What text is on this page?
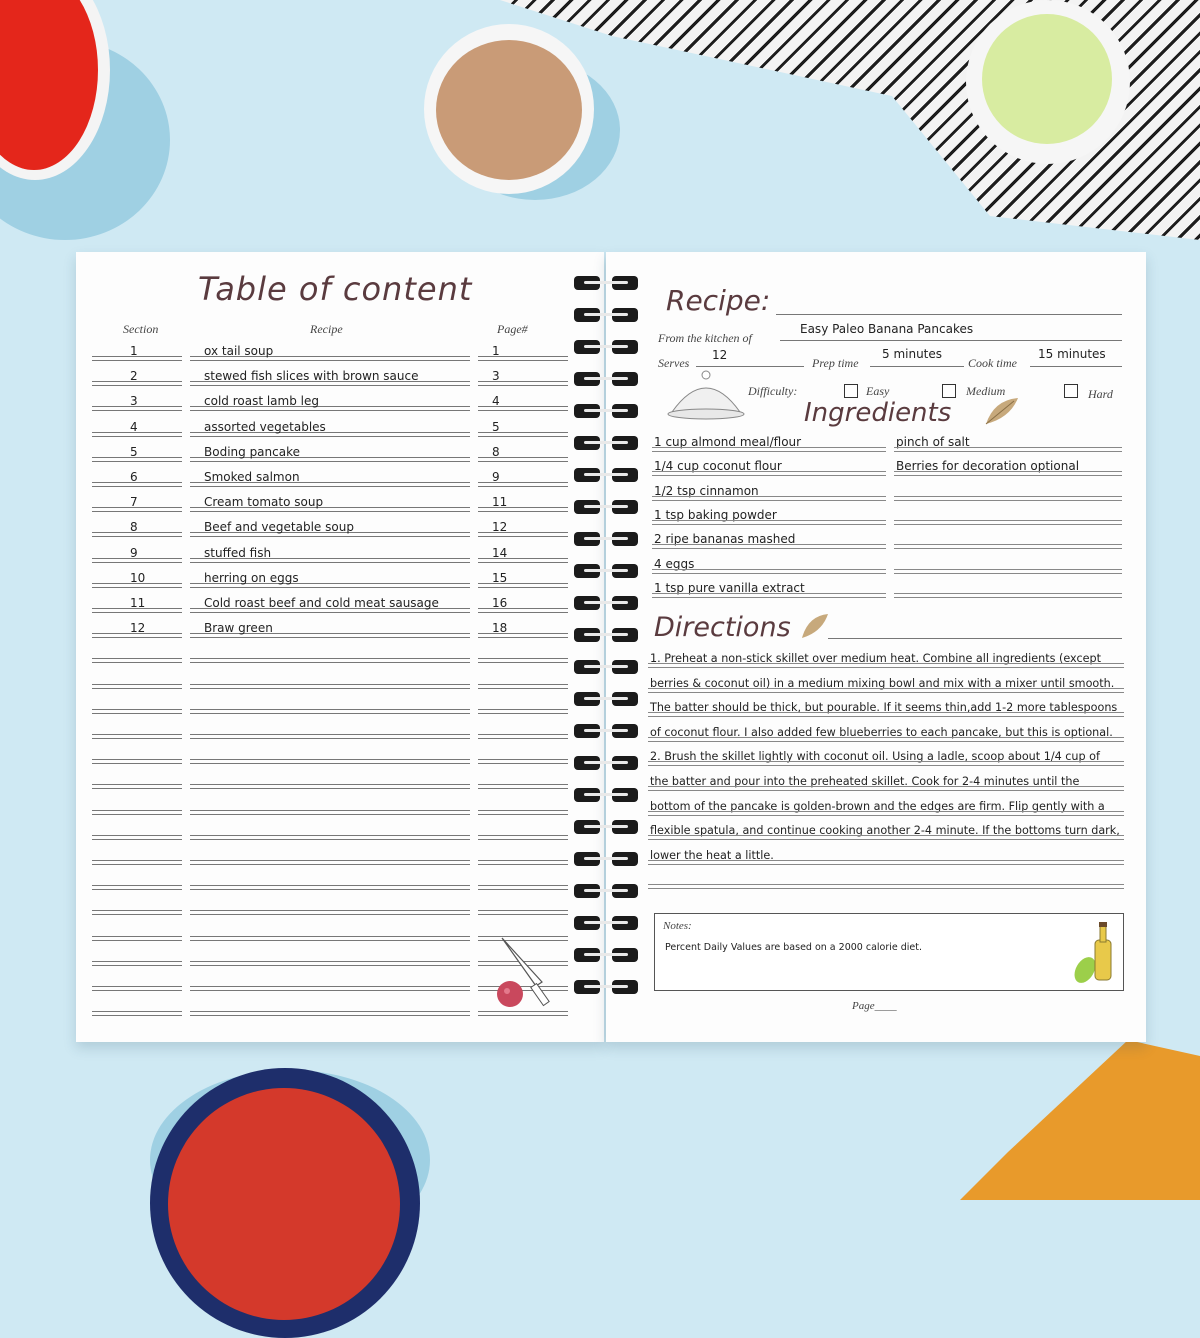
Table of content
Section	Recipe	Page#
1	ox tail soup	1
2	stewed fish slices with brown sauce	3
3	cold roast lamb leg	4
4	assorted vegetables	5
5	Boding pancake	8
6	Smoked salmon	9
7	Cream tomato soup	11
8	Beef and vegetable soup	12
9	stuffed fish	14
10	herring on eggs	15
11	Cold roast beef and cold meat sausage	16
12	Braw green	18
Recipe:
From the kitchen of
Easy Paleo Banana Pancakes
Serves
12
Prep time
5 minutes
Cook time
15 minutes
Difficulty:	Easy	Medium	Hard
Ingredients
1 cup almond meal/flour	pinch of salt
1/4 cup coconut flour	Berries for decoration optional
1/2 tsp cinnamon
1 tsp baking powder
2 ripe bananas mashed
4 eggs
1 tsp pure vanilla extract
Directions
1. Preheat a non-stick skillet over medium heat. Combine all ingredients (except
berries & coconut oil) in a medium mixing bowl and mix with a mixer until smooth.
The batter should be thick, but pourable. If it seems thin,add 1-2 more tablespoons
of coconut flour. I also added few blueberries to each pancake, but this is optional.
2. Brush the skillet lightly with coconut oil. Using a ladle, scoop about 1/4 cup of
the batter and pour into the preheated skillet. Cook for 2-4 minutes until the
bottom of the pancake is golden-brown and the edges are firm. Flip gently with a
flexible spatula, and continue cooking another 2-4 minute. If the bottoms turn dark,
lower the heat a little.
Notes:
Percent Daily Values are based on a 2000 calorie diet.
Page____
